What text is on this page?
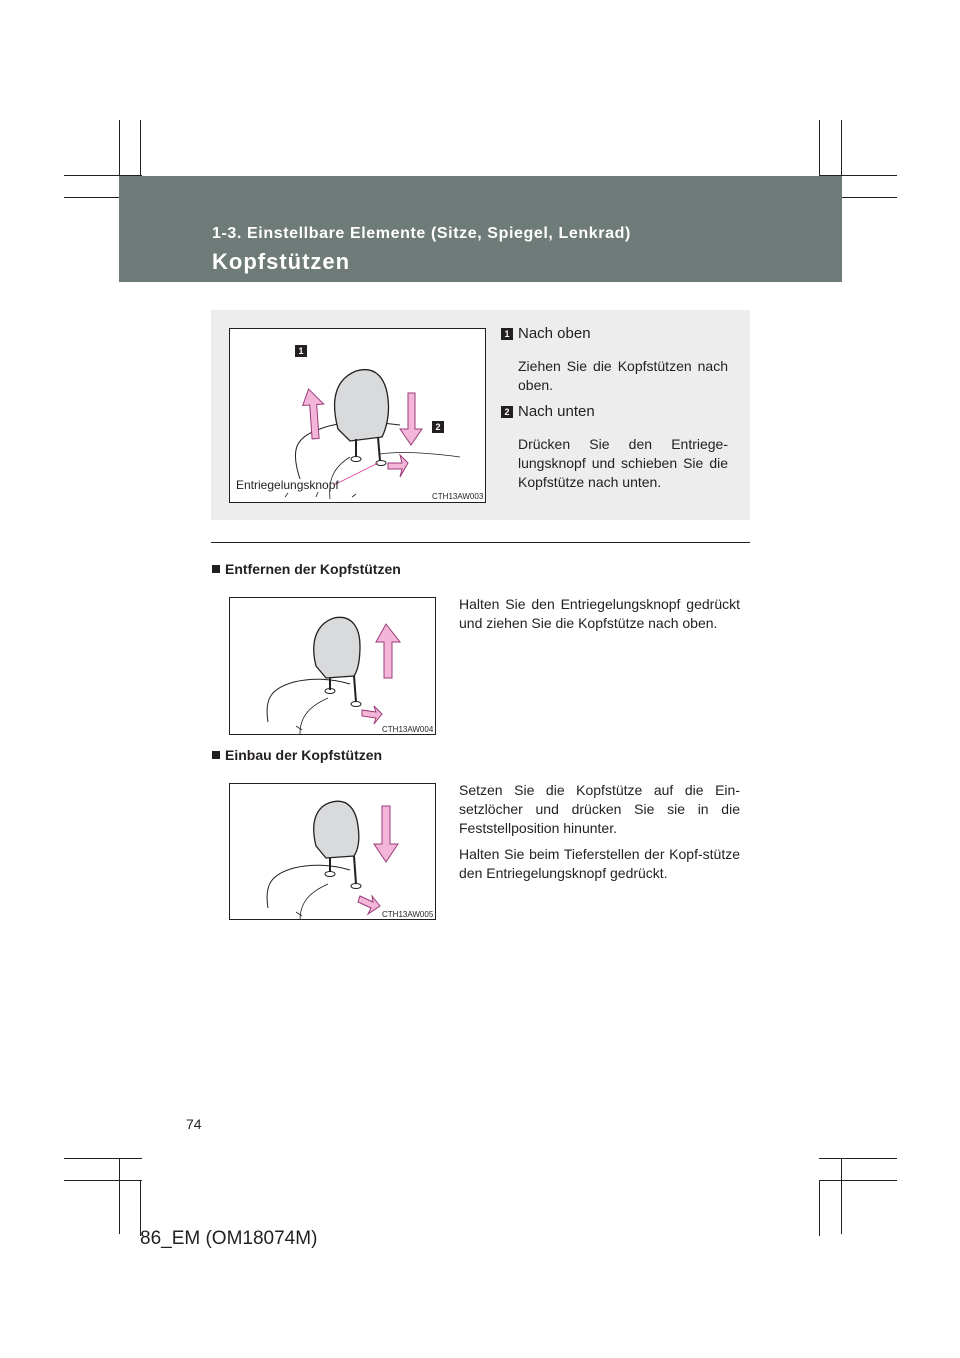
1-3. Einstellbare Elemente (Sitze, Spiegel, Lenkrad)
Kopfstützen
1
2
Entriegelungsknopf
CTH13AW003
1 Nach oben
Ziehen Sie die Kopfstützen nach oben.
2 Nach unten
Drücken Sie den Entriege-lungsknopf und schieben Sie die Kopfstütze nach unten.
Entfernen der Kopfstützen
CTH13AW004
Halten Sie den Entriegelungsknopf gedrückt und ziehen Sie die Kopfstütze nach oben.
Einbau der Kopfstützen
CTH13AW005
Setzen Sie die Kopfstütze auf die Ein-setzlöcher und drücken Sie sie in die Feststellposition hinunter.
Halten Sie beim Tieferstellen der Kopf-stütze den Entriegelungsknopf gedrückt.
74
86_EM (OM18074M)
